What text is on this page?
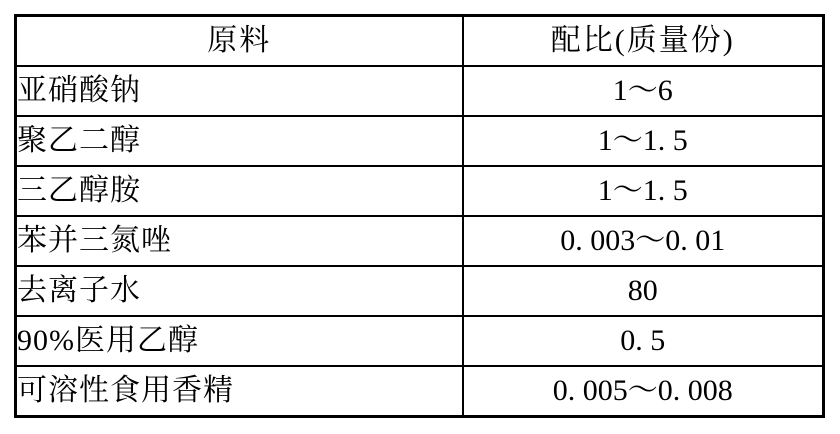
原料	配比(质量份)
亚硝酸钠	1～6
聚乙二醇	1～1. 5
三乙醇胺	1～1. 5
苯并三氮唑	0. 003～0. 01
去离子水	80
90%医用乙醇	0. 5
可溶性食用香精	0. 005～0. 008
